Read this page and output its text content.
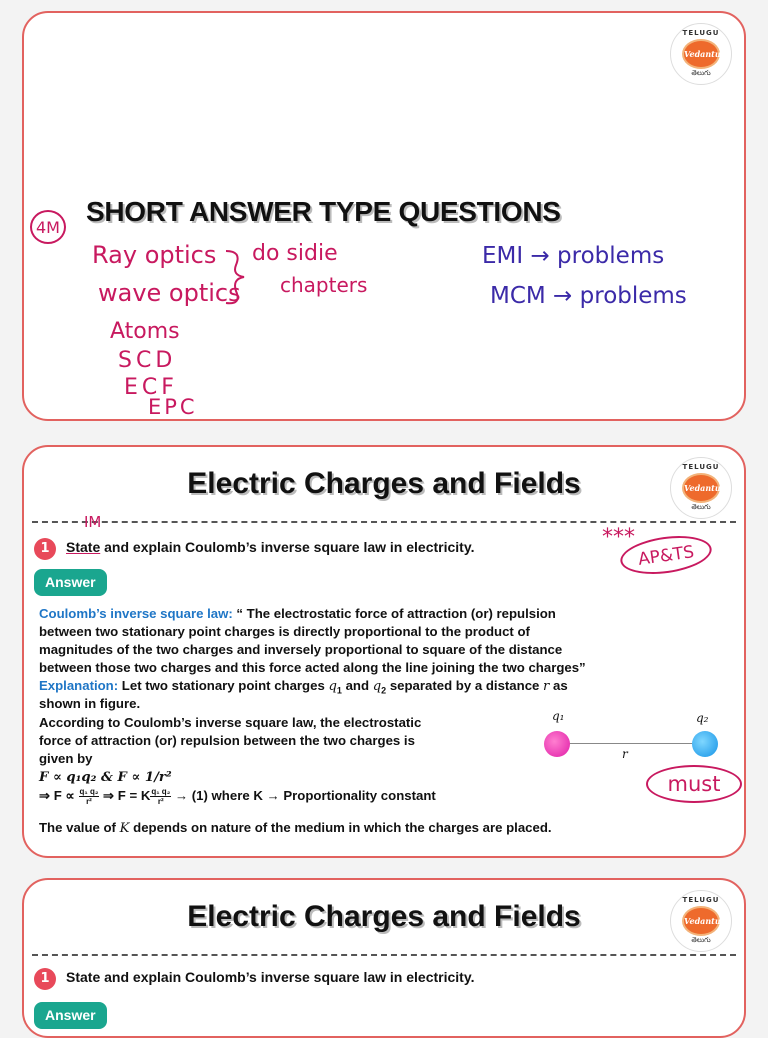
TELUGU
Vedantu
తెలుగు
4M
SHORT ANSWER TYPE QUESTIONS
Ray optics
wave optics
do sidie
chapters
EMI → problems
MCM → problems
Atoms
SCD
ECF
EPC
TELUGU
Vedantu
తెలుగు
Electric Charges and Fields
IM
1	State and explain Coulomb’s inverse square law in electricity.	***
AP&TS
Answer
Coulomb’s inverse square law: “ The electrostatic force of attraction (or) repulsion
between two stationary point charges is directly proportional to the product of
magnitudes of the two charges and inversely proportional to square of the distance
between those two charges and this force acted along the line joining the two charges”
Explanation: Let two stationary point charges $q_1$ and $q_2$ separated by a distance r as
shown in figure.
According to Coulomb’s inverse square law, the electrostatic
force of attraction (or) repulsion between the two charges is
given by
F ∝ q₁q₂ & F ∝ 1/r²
⇒ $F \propto \frac{\text{q₁ q₂}}{\text{r²}}$ ⇒ F = K $\frac{\text{q₁ q₂}}{\text{r²}} \to (1)$ where K → Proportionality constant
The value of K depends on nature of the medium in which the charges are placed.
q₁	q₂
r
must
TELUGU
Vedantu
తెలుగు
Electric Charges and Fields
1	State and explain Coulomb’s inverse square law in electricity.
Answer
